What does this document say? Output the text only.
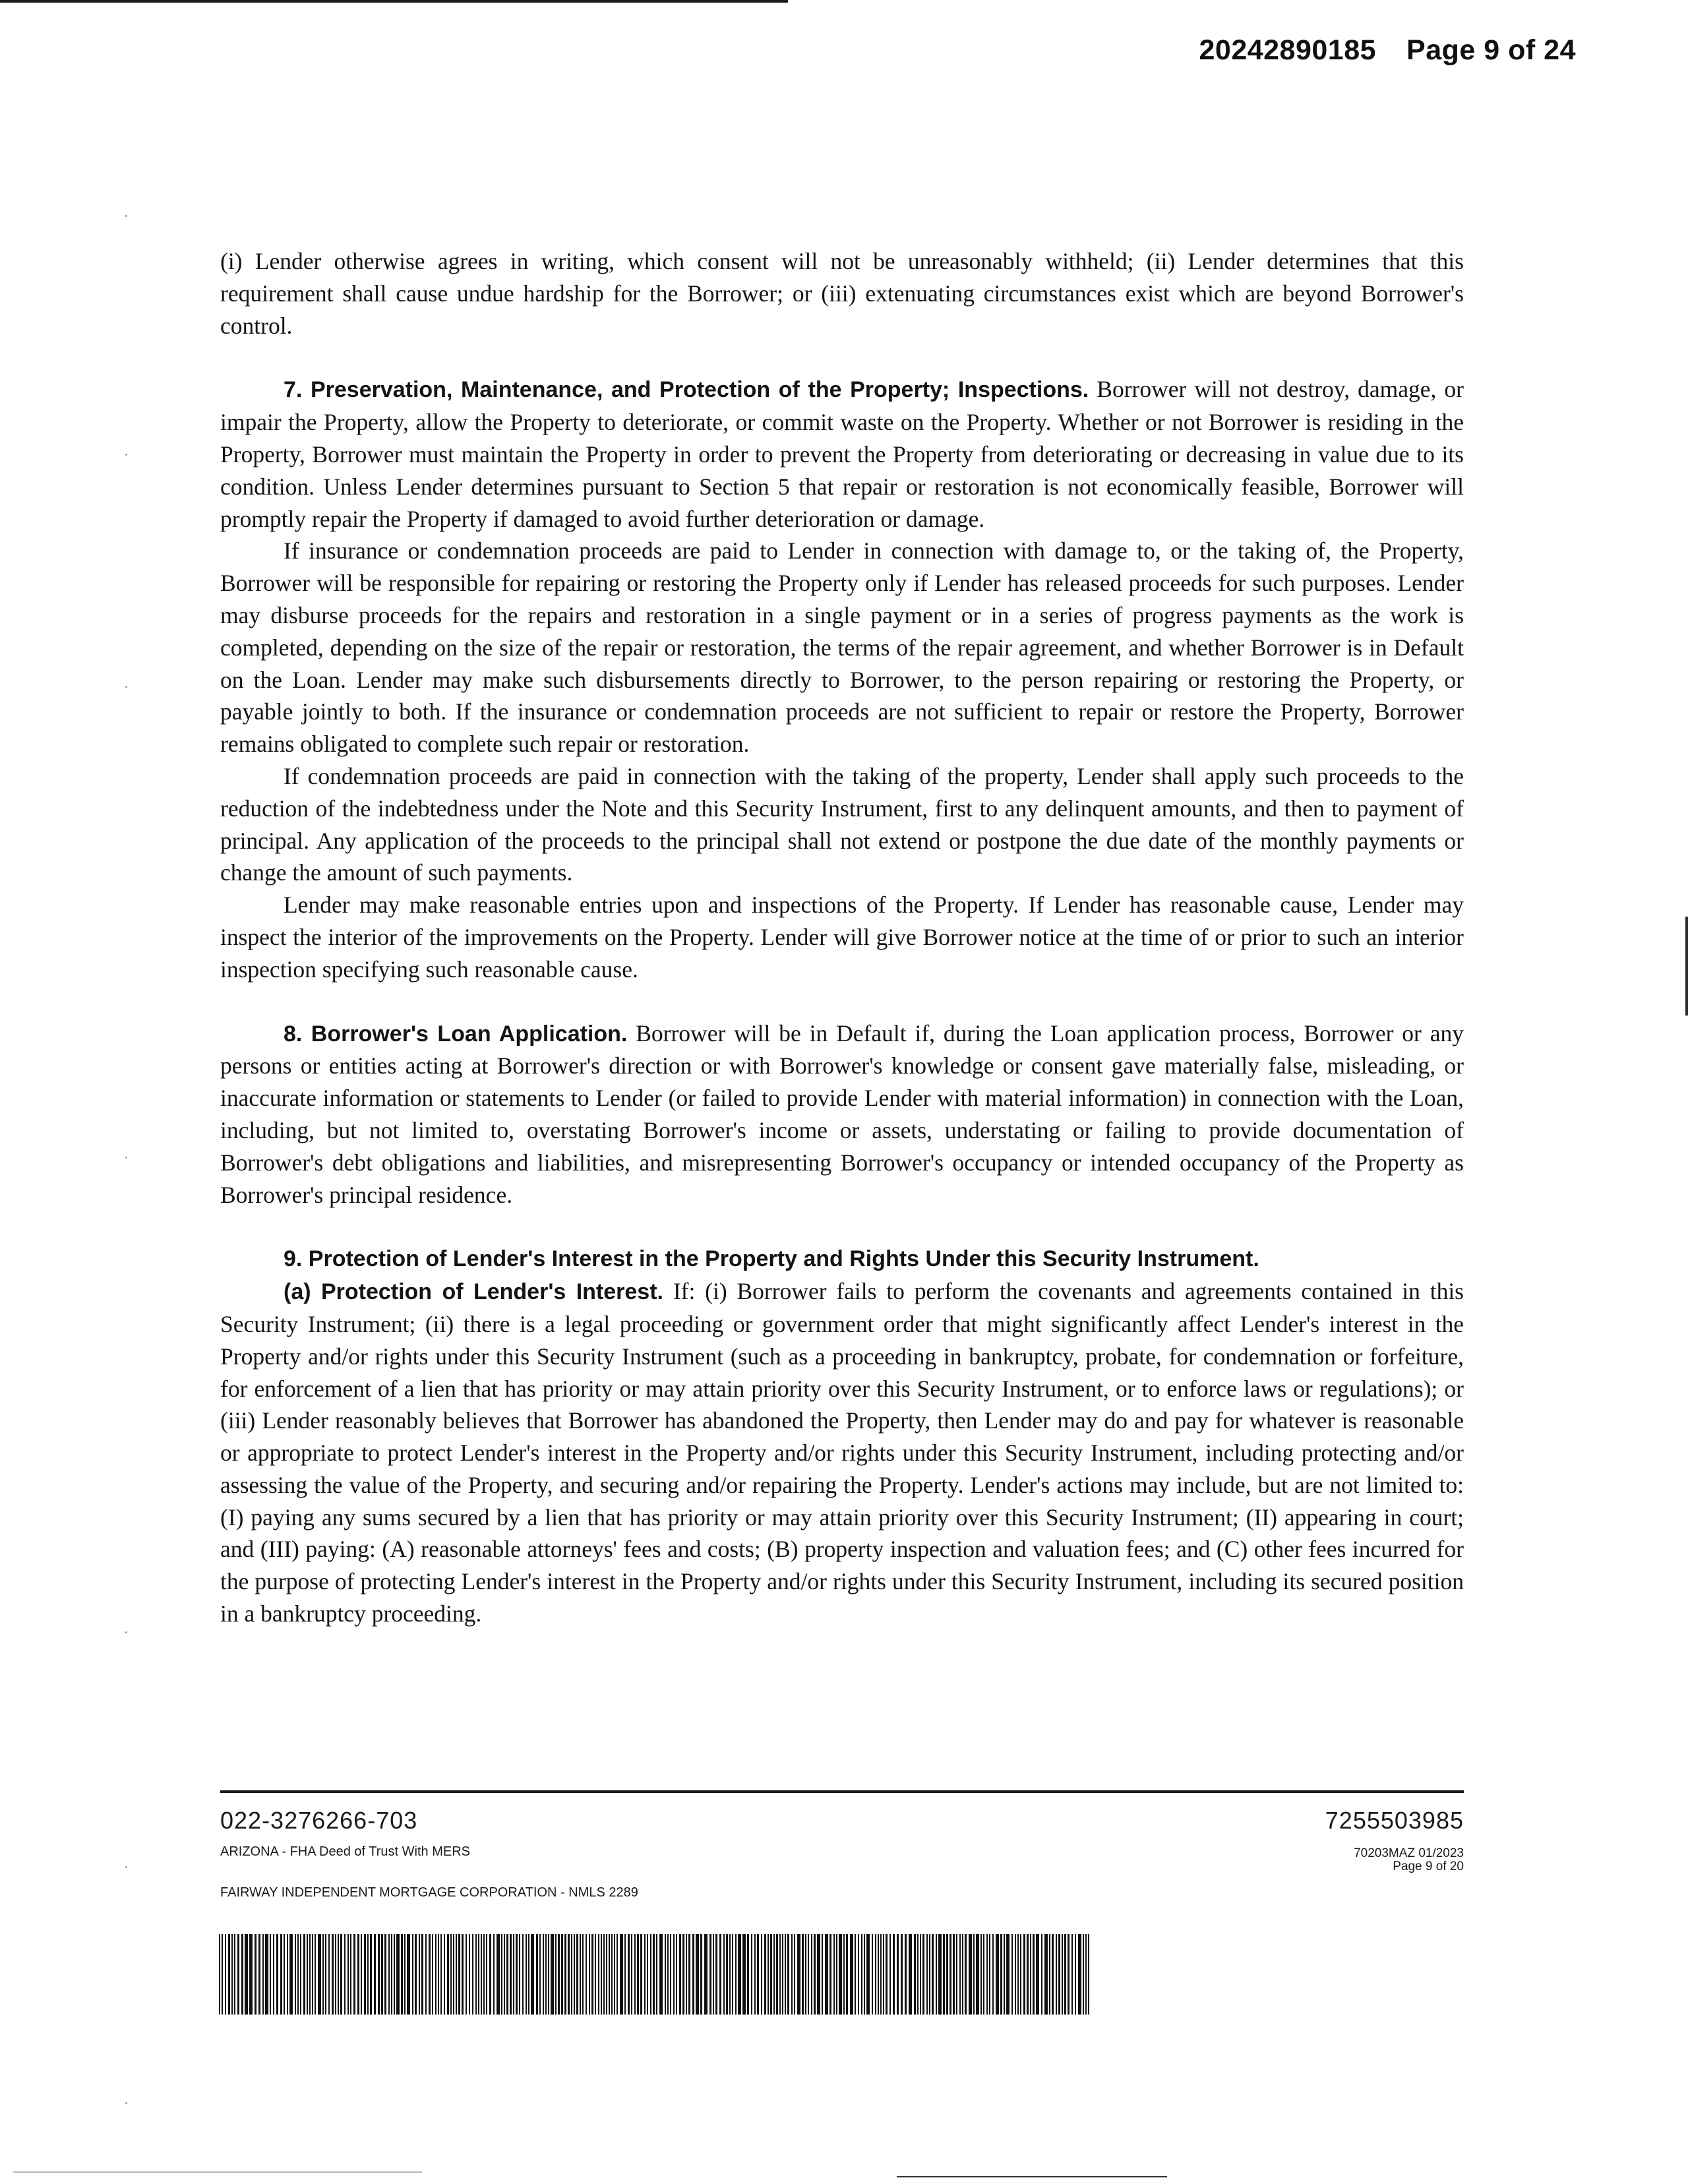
20242890185 Page 9 of 24

(i) Lender otherwise agrees in writing, which consent will not be unreasonably withheld; (ii) Lender determines that this requirement shall cause undue hardship for the Borrower; or (iii) extenuating circumstances exist which are beyond Borrower's control.

7. Preservation, Maintenance, and Protection of the Property; Inspections. Borrower will not destroy, damage, or impair the Property, allow the Property to deteriorate, or commit waste on the Property. Whether or not Borrower is residing in the Property, Borrower must maintain the Property in order to prevent the Property from deteriorating or decreasing in value due to its condition. Unless Lender determines pursuant to Section 5 that repair or restoration is not economically feasible, Borrower will promptly repair the Property if damaged to avoid further deterioration or damage.

If insurance or condemnation proceeds are paid to Lender in connection with damage to, or the taking of, the Property, Borrower will be responsible for repairing or restoring the Property only if Lender has released proceeds for such purposes. Lender may disburse proceeds for the repairs and restoration in a single payment or in a series of progress payments as the work is completed, depending on the size of the repair or restoration, the terms of the repair agreement, and whether Borrower is in Default on the Loan. Lender may make such disbursements directly to Borrower, to the person repairing or restoring the Property, or payable jointly to both. If the insurance or condemnation proceeds are not sufficient to repair or restore the Property, Borrower remains obligated to complete such repair or restoration.

If condemnation proceeds are paid in connection with the taking of the property, Lender shall apply such proceeds to the reduction of the indebtedness under the Note and this Security Instrument, first to any delinquent amounts, and then to payment of principal. Any application of the proceeds to the principal shall not extend or postpone the due date of the monthly payments or change the amount of such payments.

Lender may make reasonable entries upon and inspections of the Property. If Lender has reasonable cause, Lender may inspect the interior of the improvements on the Property. Lender will give Borrower notice at the time of or prior to such an interior inspection specifying such reasonable cause.

8. Borrower's Loan Application. Borrower will be in Default if, during the Loan application process, Borrower or any persons or entities acting at Borrower's direction or with Borrower's knowledge or consent gave materially false, misleading, or inaccurate information or statements to Lender (or failed to provide Lender with material information) in connection with the Loan, including, but not limited to, overstating Borrower's income or assets, understating or failing to provide documentation of Borrower's debt obligations and liabilities, and misrepresenting Borrower's occupancy or intended occupancy of the Property as Borrower's principal residence.

9. Protection of Lender's Interest in the Property and Rights Under this Security Instrument.

(a) Protection of Lender's Interest. If: (i) Borrower fails to perform the covenants and agreements contained in this Security Instrument; (ii) there is a legal proceeding or government order that might significantly affect Lender's interest in the Property and/or rights under this Security Instrument (such as a proceeding in bankruptcy, probate, for condemnation or forfeiture, for enforcement of a lien that has priority or may attain priority over this Security Instrument, or to enforce laws or regulations); or (iii) Lender reasonably believes that Borrower has abandoned the Property, then Lender may do and pay for whatever is reasonable or appropriate to protect Lender's interest in the Property and/or rights under this Security Instrument, including protecting and/or assessing the value of the Property, and securing and/or repairing the Property. Lender's actions may include, but are not limited to: (I) paying any sums secured by a lien that has priority or may attain priority over this Security Instrument; (II) appearing in court; and (III) paying: (A) reasonable attorneys' fees and costs; (B) property inspection and valuation fees; and (C) other fees incurred for the purpose of protecting Lender's interest in the Property and/or rights under this Security Instrument, including its secured position in a bankruptcy proceeding.

022-3276266-703	7255503985
ARIZONA - FHA Deed of Trust With MERS	70203MAZ 01/2023
Page 9 of 20
FAIRWAY INDEPENDENT MORTGAGE CORPORATION - NMLS 2289
